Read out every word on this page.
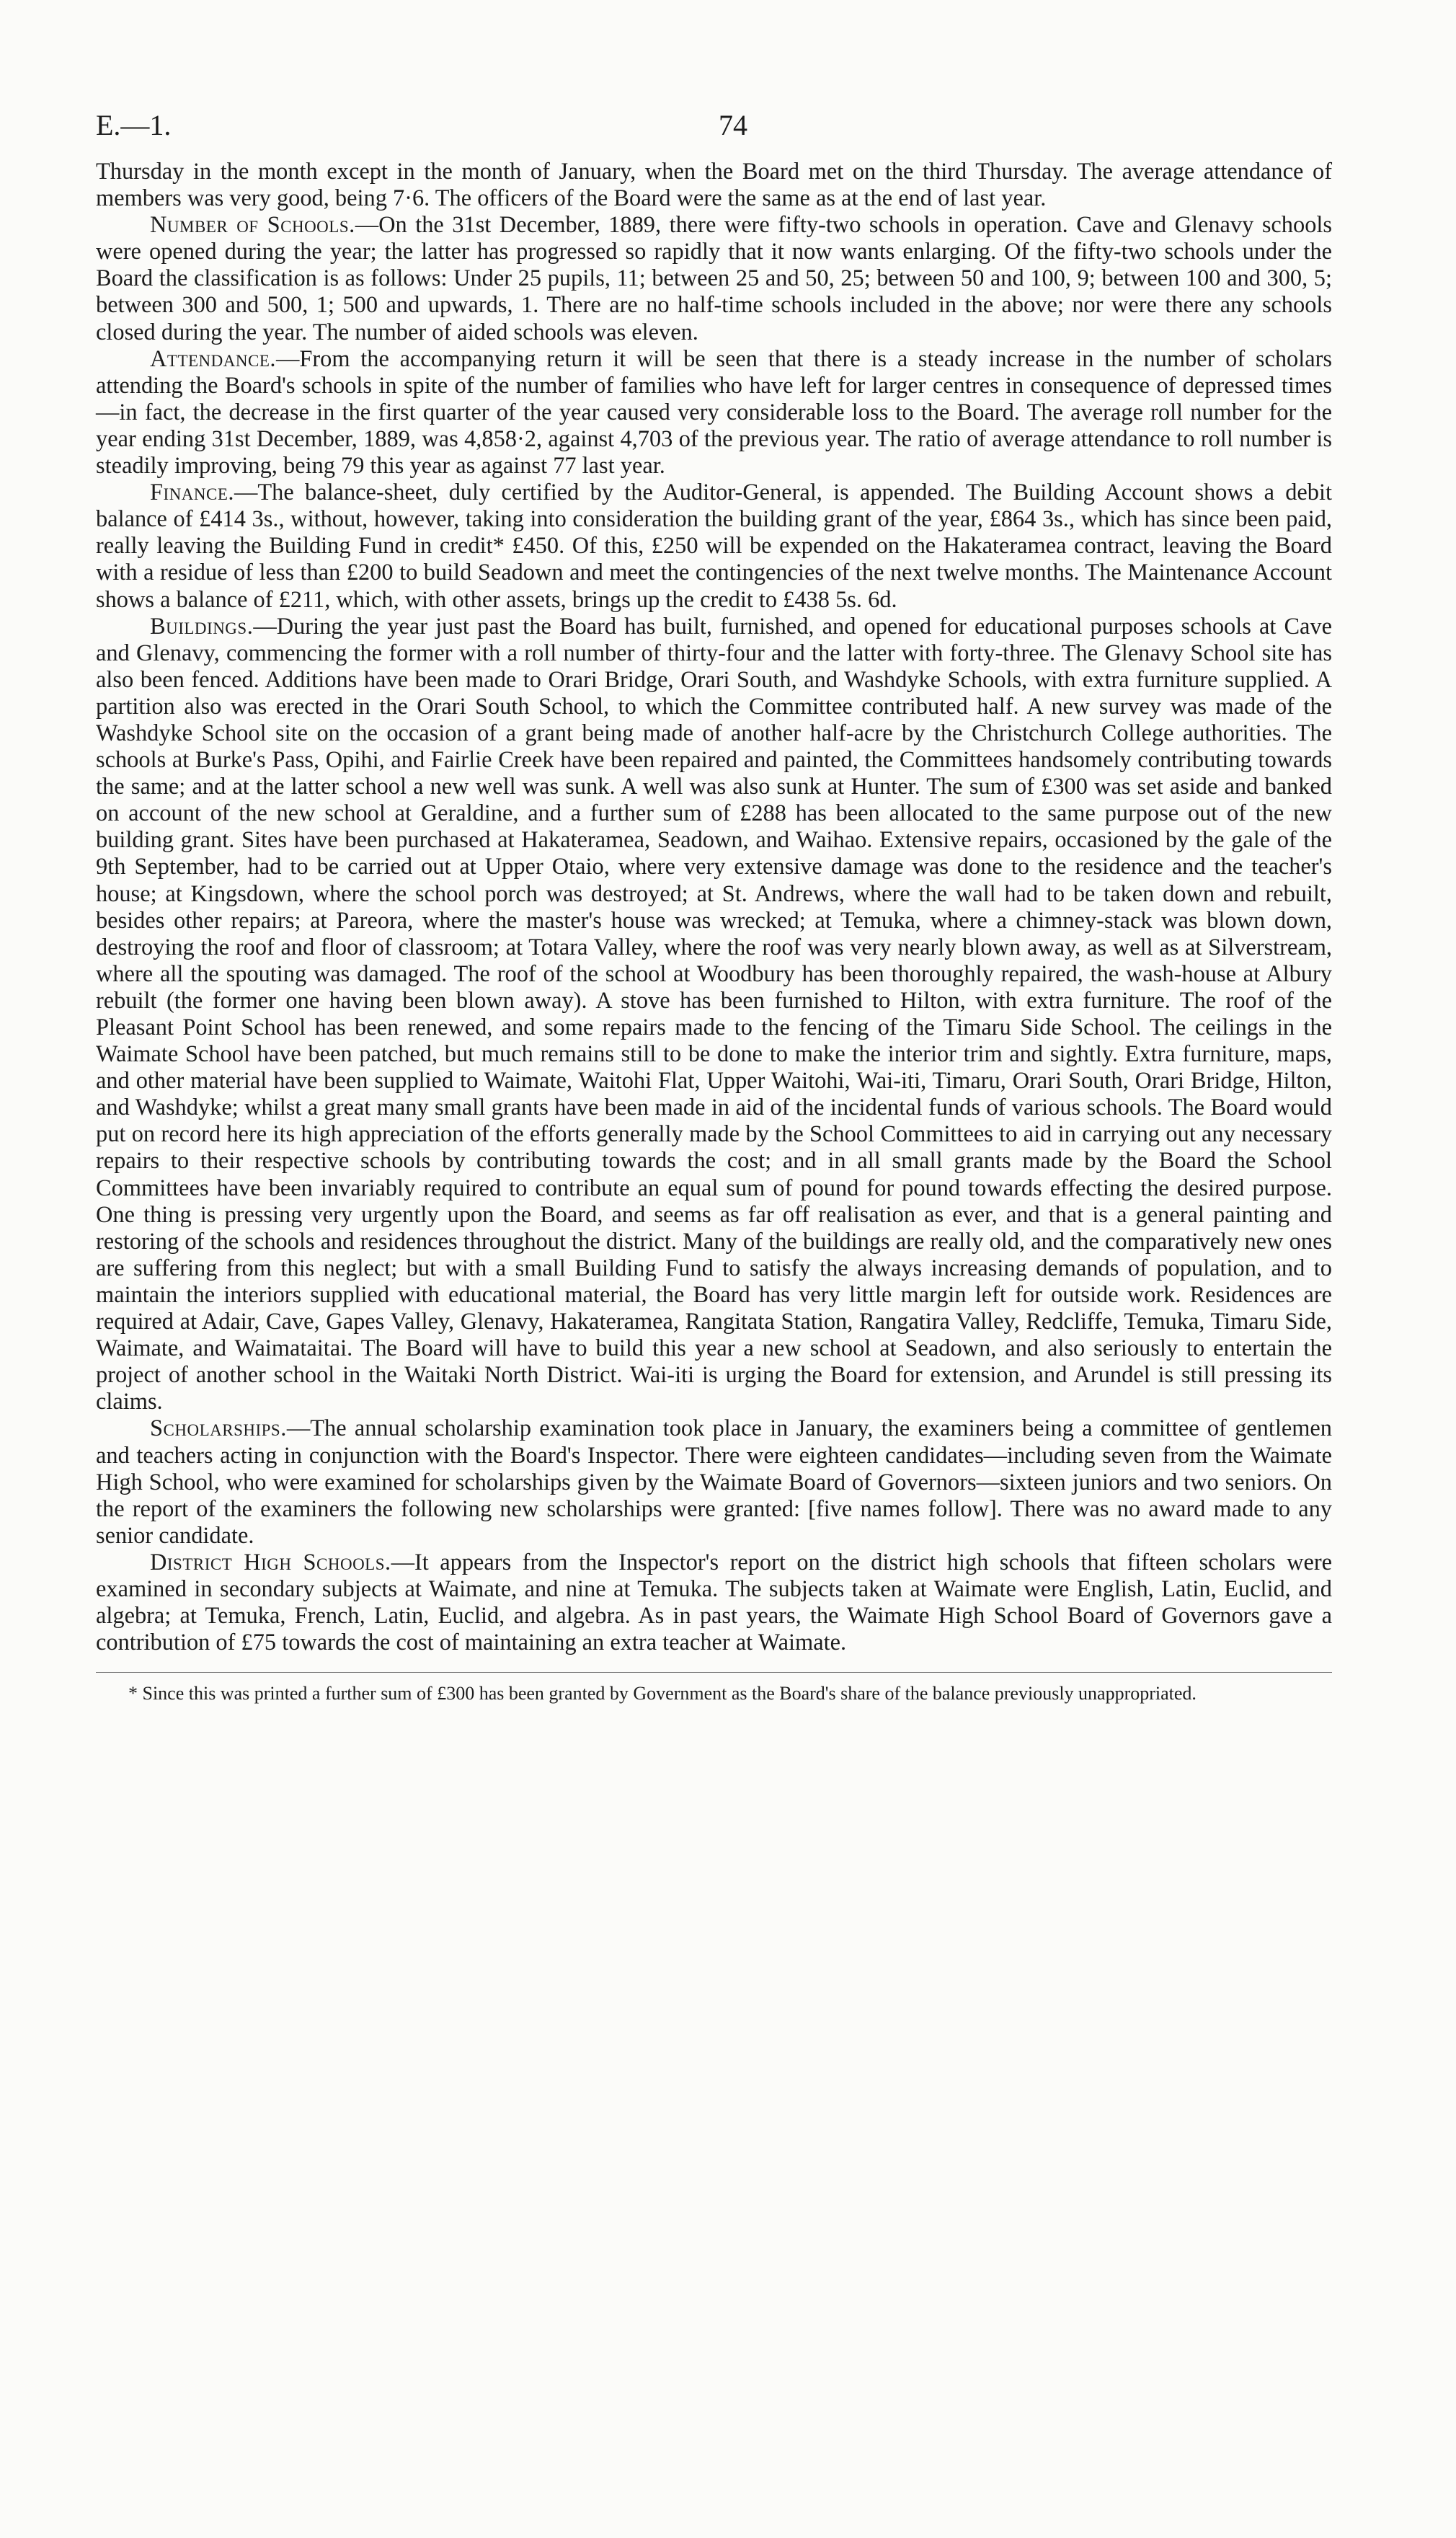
E.—1.	74

Thursday in the month except in the month of January, when the Board met on the third Thursday. The average attendance of members was very good, being 7·6. The officers of the Board were the same as at the end of last year.

Number of Schools.—On the 31st December, 1889, there were fifty-two schools in operation. Cave and Glenavy schools were opened during the year; the latter has progressed so rapidly that it now wants enlarging. Of the fifty-two schools under the Board the classification is as follows: Under 25 pupils, 11; between 25 and 50, 25; between 50 and 100, 9; between 100 and 300, 5; between 300 and 500, 1; 500 and upwards, 1. There are no half-time schools included in the above; nor were there any schools closed during the year. The number of aided schools was eleven.

Attendance.—From the accompanying return it will be seen that there is a steady increase in the number of scholars attending the Board's schools in spite of the number of families who have left for larger centres in consequence of depressed times—in fact, the decrease in the first quarter of the year caused very considerable loss to the Board. The average roll number for the year ending 31st December, 1889, was 4,858·2, against 4,703 of the previous year. The ratio of average attendance to roll number is steadily improving, being 79 this year as against 77 last year.

Finance.—The balance-sheet, duly certified by the Auditor-General, is appended. The Building Account shows a debit balance of £414 3s., without, however, taking into consideration the building grant of the year, £864 3s., which has since been paid, really leaving the Building Fund in credit* £450. Of this, £250 will be expended on the Hakateramea contract, leaving the Board with a residue of less than £200 to build Seadown and meet the contingencies of the next twelve months. The Maintenance Account shows a balance of £211, which, with other assets, brings up the credit to £438 5s. 6d.

Buildings.—During the year just past the Board has built, furnished, and opened for educational purposes schools at Cave and Glenavy, commencing the former with a roll number of thirty-four and the latter with forty-three. The Glenavy School site has also been fenced. Additions have been made to Orari Bridge, Orari South, and Washdyke Schools, with extra furniture supplied. A partition also was erected in the Orari South School, to which the Committee contributed half. A new survey was made of the Washdyke School site on the occasion of a grant being made of another half-acre by the Christchurch College authorities. The schools at Burke's Pass, Opihi, and Fairlie Creek have been repaired and painted, the Committees handsomely contributing towards the same; and at the latter school a new well was sunk. A well was also sunk at Hunter. The sum of £300 was set aside and banked on account of the new school at Geraldine, and a further sum of £288 has been allocated to the same purpose out of the new building grant. Sites have been purchased at Hakateramea, Seadown, and Waihao. Extensive repairs, occasioned by the gale of the 9th September, had to be carried out at Upper Otaio, where very extensive damage was done to the residence and the teacher's house; at Kingsdown, where the school porch was destroyed; at St. Andrews, where the wall had to be taken down and rebuilt, besides other repairs; at Pareora, where the master's house was wrecked; at Temuka, where a chimney-stack was blown down, destroying the roof and floor of classroom; at Totara Valley, where the roof was very nearly blown away, as well as at Silverstream, where all the spouting was damaged. The roof of the school at Woodbury has been thoroughly repaired, the wash-house at Albury rebuilt (the former one having been blown away). A stove has been furnished to Hilton, with extra furniture. The roof of the Pleasant Point School has been renewed, and some repairs made to the fencing of the Timaru Side School. The ceilings in the Waimate School have been patched, but much remains still to be done to make the interior trim and sightly. Extra furniture, maps, and other material have been supplied to Waimate, Waitohi Flat, Upper Waitohi, Wai-iti, Timaru, Orari South, Orari Bridge, Hilton, and Washdyke; whilst a great many small grants have been made in aid of the incidental funds of various schools. The Board would put on record here its high appreciation of the efforts generally made by the School Committees to aid in carrying out any necessary repairs to their respective schools by contributing towards the cost; and in all small grants made by the Board the School Committees have been invariably required to contribute an equal sum of pound for pound towards effecting the desired purpose. One thing is pressing very urgently upon the Board, and seems as far off realisation as ever, and that is a general painting and restoring of the schools and residences throughout the district. Many of the buildings are really old, and the comparatively new ones are suffering from this neglect; but with a small Building Fund to satisfy the always increasing demands of population, and to maintain the interiors supplied with educational material, the Board has very little margin left for outside work. Residences are required at Adair, Cave, Gapes Valley, Glenavy, Hakateramea, Rangitata Station, Rangatira Valley, Redcliffe, Temuka, Timaru Side, Waimate, and Waimataitai. The Board will have to build this year a new school at Seadown, and also seriously to entertain the project of another school in the Waitaki North District. Wai-iti is urging the Board for extension, and Arundel is still pressing its claims.

Scholarships.—The annual scholarship examination took place in January, the examiners being a committee of gentlemen and teachers acting in conjunction with the Board's Inspector. There were eighteen candidates—including seven from the Waimate High School, who were examined for scholarships given by the Waimate Board of Governors—sixteen juniors and two seniors. On the report of the examiners the following new scholarships were granted: [five names follow]. There was no award made to any senior candidate.

District High Schools.—It appears from the Inspector's report on the district high schools that fifteen scholars were examined in secondary subjects at Waimate, and nine at Temuka. The subjects taken at Waimate were English, Latin, Euclid, and algebra; at Temuka, French, Latin, Euclid, and algebra. As in past years, the Waimate High School Board of Governors gave a contribution of £75 towards the cost of maintaining an extra teacher at Waimate.

* Since this was printed a further sum of £300 has been granted by Government as the Board's share of the balance previously unappropriated.
